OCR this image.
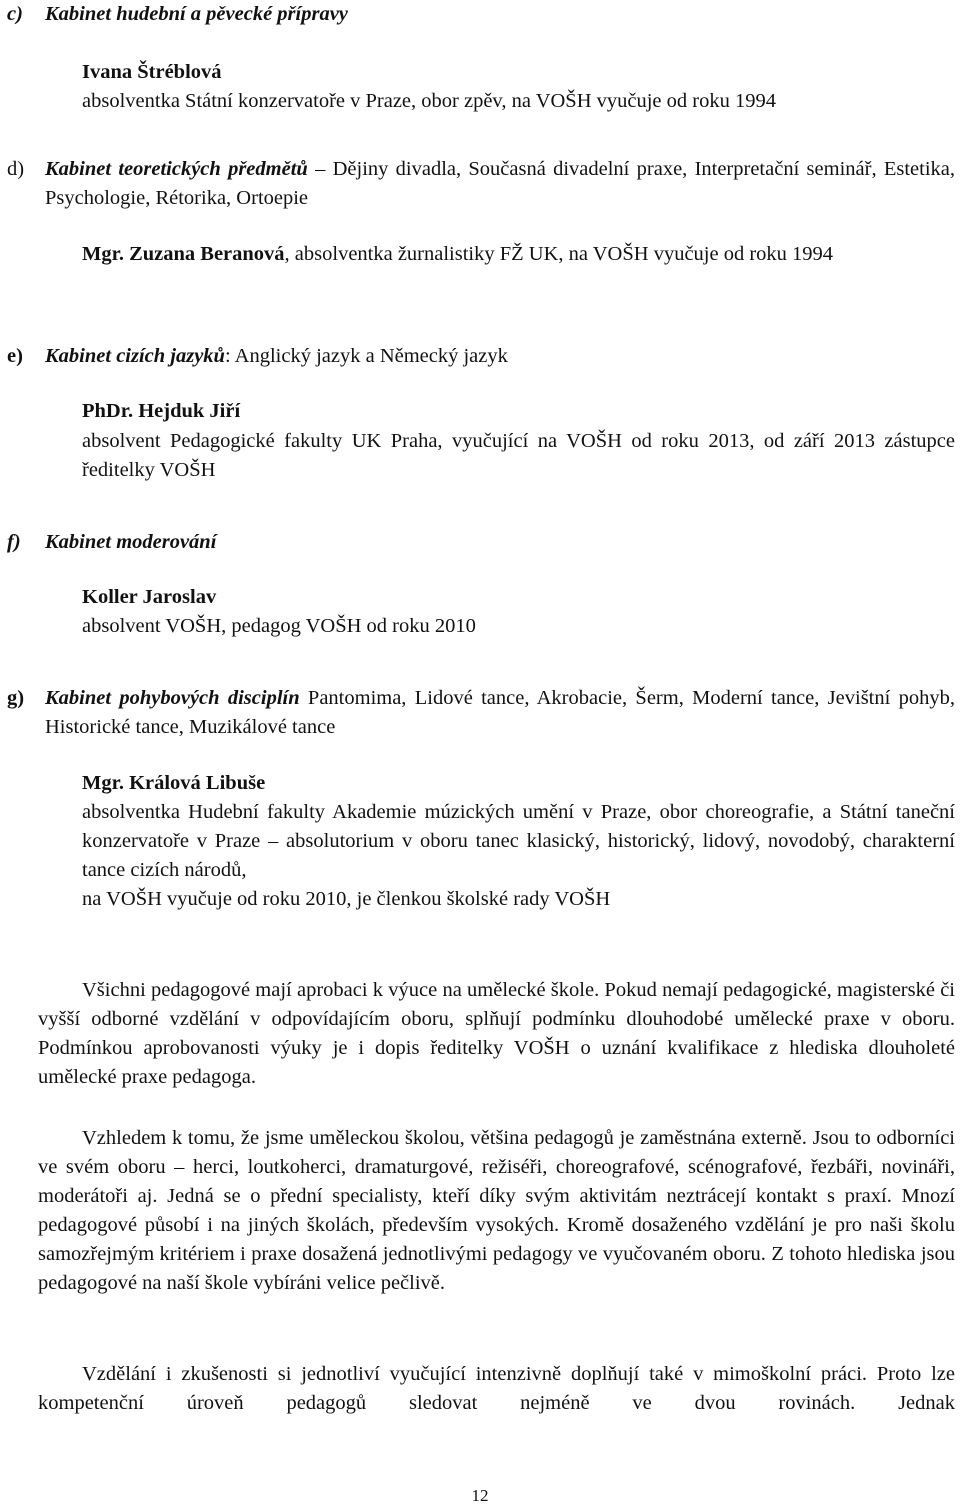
c) Kabinet hudební a pěvecké přípravy
Ivana Štréblová
absolventka Státní konzervatoře v Praze, obor zpěv, na VOŠH vyučuje od roku 1994
d)	Kabinet teoretických předmětů – Dějiny divadla, Současná divadelní praxe, Interpretační seminář, Estetika, Psychologie, Rétorika, Ortoepie

Mgr. Zuzana Beranová, absolventka žurnalistiky FŽ UK, na VOŠH vyučuje od roku 1994

e)	Kabinet cizích jazyků: Anglický jazyk a Německý jazyk

PhDr. Hejduk Jiří

absolvent Pedagogické fakulty UK Praha, vyučující na VOŠH od roku 2013, od září 2013 zástupce ředitelky VOŠH

f) Kabinet moderování
Koller Jaroslav
absolvent VOŠH, pedagog VOŠH od roku 2010
g)	Kabinet pohybových disciplín Pantomima, Lidové tance, Akrobacie, Šerm, Moderní tance, Jevištní pohyb, Historické tance, Muzikálové tance

Mgr. Králová Libuše

absolventka Hudební fakulty Akademie múzických umění v Praze, obor choreografie, a Státní taneční konzervatoře v Praze – absolutorium v oboru tanec klasický, historický, lidový, novodobý, charakterní tance cizích národů,

na VOŠH vyučuje od roku 2010, je členkou školské rady VOŠH

Všichni pedagogové mají aprobaci k výuce na umělecké škole. Pokud nemají pedagogické, magisterské či vyšší odborné vzdělání v odpovídajícím oboru, splňují podmínku dlouhodobé umělecké praxe v oboru. Podmínkou aprobovanosti výuky je i dopis ředitelky VOŠH o uznání kvalifikace z hlediska dlouholeté umělecké praxe pedagoga.

Vzhledem k tomu, že jsme uměleckou školou, většina pedagogů je zaměstnána externě. Jsou to odborníci ve svém oboru – herci, loutkoherci, dramaturgové, režiséři, choreografové, scénografové, řezbáři, novináři, moderátoři aj. Jedná se o přední specialisty, kteří díky svým aktivitám neztrácejí kontakt s praxí. Mnozí pedagogové působí i na jiných školách, především vysokých. Kromě dosaženého vzdělání je pro naši školu samozřejmým kritériem i praxe dosažená jednotlivými pedagogy ve vyučovaném oboru. Z tohoto hlediska jsou pedagogové na naší škole vybíráni velice pečlivě.

Vzdělání i zkušenosti si jednotliví vyučující intenzivně doplňují také v mimoškolní práci. Proto lze kompetenční úroveň pedagogů sledovat nejméně ve dvou rovinách. Jednak

12
